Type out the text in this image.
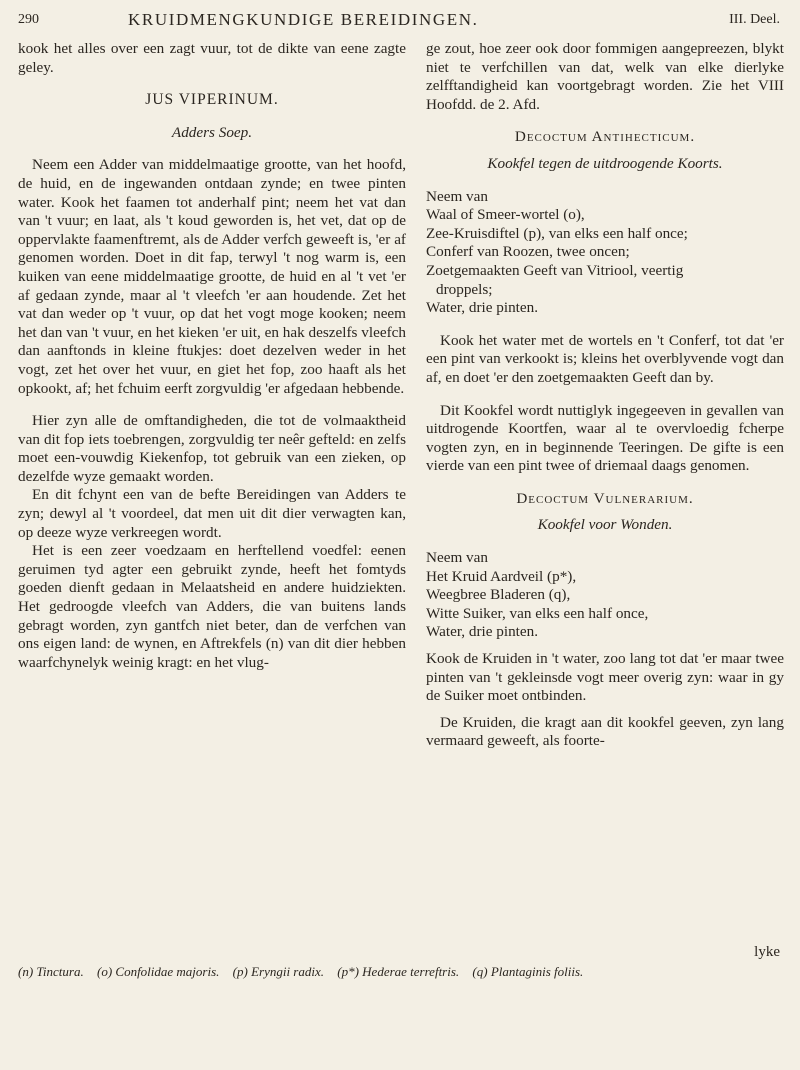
290	KRUIDMENGKUNDIGE BEREIDINGEN.	III. Deel.

kook het alles over een zagt vuur, tot de dikte van eene zagte geley.

JUS VIPERINUM.

Adders Soep.

Neem een Adder van middelmaatige grootte, van het hoofd, de huid, en de ingewanden ontdaan zynde; en twee pinten water. Kook het faamen tot anderhalf pint; neem het vat dan van 't vuur; en laat, als 't koud geworden is, het vet, dat op de oppervlakte faamenftremt, als de Adder verfch geweeft is, 'er af genomen worden. Doet in dit fap, terwyl 't nog warm is, een kuiken van eene middelmaatige grootte, de huid en al 't vet 'er af gedaan zynde, maar al 't vleefch 'er aan houdende. Zet het vat dan weder op 't vuur, op dat het vogt moge kooken; neem het dan van 't vuur, en het kieken 'er uit, en hak deszelfs vleefch dan aanftonds in kleine ftukjes: doet dezelven weder in het vogt, zet het over het vuur, en giet het fop, zoo haaft als het opkookt, af; het fchuim eerft zorgvuldig 'er afgedaan hebbende.

Hier zyn alle de omftandigheden, die tot de volmaaktheid van dit fop iets toebrengen, zorgvuldig ter neêr gefteld: en zelfs moet een-vouwdig Kiekenfop, tot gebruik van een zieken, op dezelfde wyze gemaakt worden.

En dit fchynt een van de befte Bereidingen van Adders te zyn; dewyl al 't voordeel, dat men uit dit dier verwagten kan, op deeze wyze verkreegen wordt.

Het is een zeer voedzaam en herftellend voedfel: eenen geruimen tyd agter een gebruikt zynde, heeft het fomtyds goeden dienft gedaan in Melaatsheid en andere huidziekten. Het gedroogde vleefch van Adders, die van buitens lands gebragt worden, zyn gantfch niet beter, dan de verfchen van ons eigen land: de wynen, en Aftrekfels (n) van dit dier hebben waarfchynelyk weinig kragt: en het vlug-

ge zout, hoe zeer ook door fommigen aangepreezen, blykt niet te verfchillen van dat, welk van elke dierlyke zelfftandigheid kan voortgebragt worden. Zie het VIII Hoofdd. de 2. Afd.

Decoctum Antihecticum.

Kookfel tegen de uitdroogende Koorts.

Neem van

Waal of Smeer-wortel (o),
Zee-Kruisdiftel (p), van elks een half once;
Conferf van Roozen, twee oncen;
Zoetgemaakten Geeft van Vitriool, veertig
droppels;
Water, drie pinten.

Kook het water met de wortels en 't Conferf, tot dat 'er een pint van verkookt is; kleins het overblyvende vogt dan af, en doet 'er den zoetgemaakten Geeft dan by.

Dit Kookfel wordt nuttiglyk ingegeeven in gevallen van uitdrogende Koortfen, waar al te overvloedig fcherpe vogten zyn, en in beginnende Teeringen. De gifte is een vierde van een pint twee of driemaal daags genomen.

Decoctum Vulnerarium.

Kookfel voor Wonden.

Neem van

Het Kruid Aardveil (p*),
Weegbree Bladeren (q),
Witte Suiker, van elks een half once,
Water, drie pinten.

Kook de Kruiden in 't water, zoo lang tot dat 'er maar twee pinten van 't gekleinsde vogt meer overig zyn: waar in gy de Suiker moet ontbinden.

De Kruiden, die kragt aan dit kookfel geeven, zyn lang vermaard geweeft, als foorte-

lyke
(n) Tinctura. (o) Confolidae majoris. (p) Eryngii radix. (p*) Hederae terreftris. (q) Plantaginis foliis.
